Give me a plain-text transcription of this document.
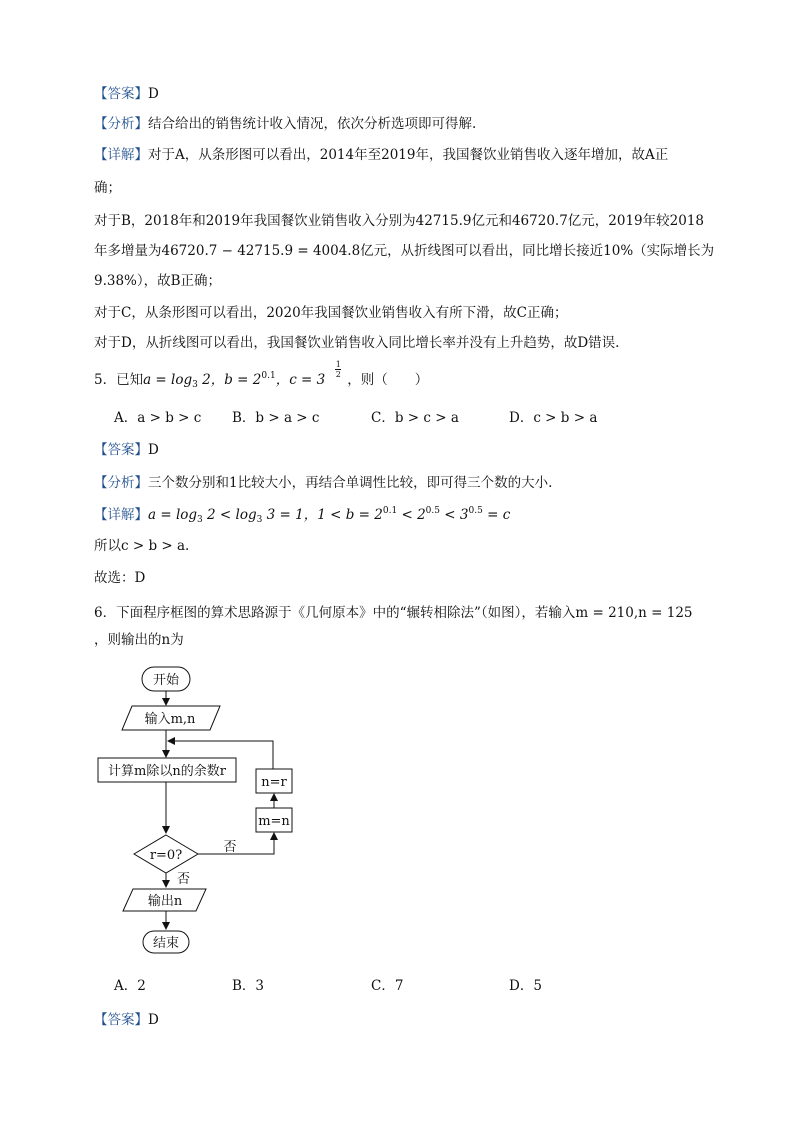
【答案】D
【分析】结合给出的销售统计收入情况，依次分析选项即可得解.
【详解】对于A，从条形图可以看出，2014年至2019年，我国餐饮业销售收入逐年增加，故A正
确；
对于B，2018年和2019年我国餐饮业销售收入分别为42715.9亿元和46720.7亿元，2019年较2018
年多增量为46720.7 − 42715.9 = 4004.8亿元，从折线图可以看出，同比增长接近10%（实际增长为
9.38%），故B正确；
对于C，从条形图可以看出，2020年我国餐饮业销售收入有所下滑，故C正确；
对于D，从折线图可以看出，我国餐饮业销售收入同比增长率并没有上升趋势，故D错误.
5．已知$a = \log_3 2$，$b = 2^{0.1}$，c = 3
1
2 ，则（　　）
A．a > b > c B．b > a > c	C．b > c > a	D．c > b > a
【答案】D
【分析】三个数分别和1比较大小，再结合单调性比较，即可得三个数的大小.
【详解】$a = \log_3 2 < \log_3 3 = 1$，$1 < b = 2^{0.1} < 2^{0.5} < 3^{0.5} = c$
所以c > b > a.
故选：D
6．下面程序框图的算术思路源于《几何原本》中的“辗转相除法”（如图），若输入m = 210,n = 125
，则输出的n为
开始
输入m,n
计算m除以n的余数r
n=r
m=n
r=0?
否
否
输出n
结束
A．2	B．3	C．7	D．5
【答案】D
